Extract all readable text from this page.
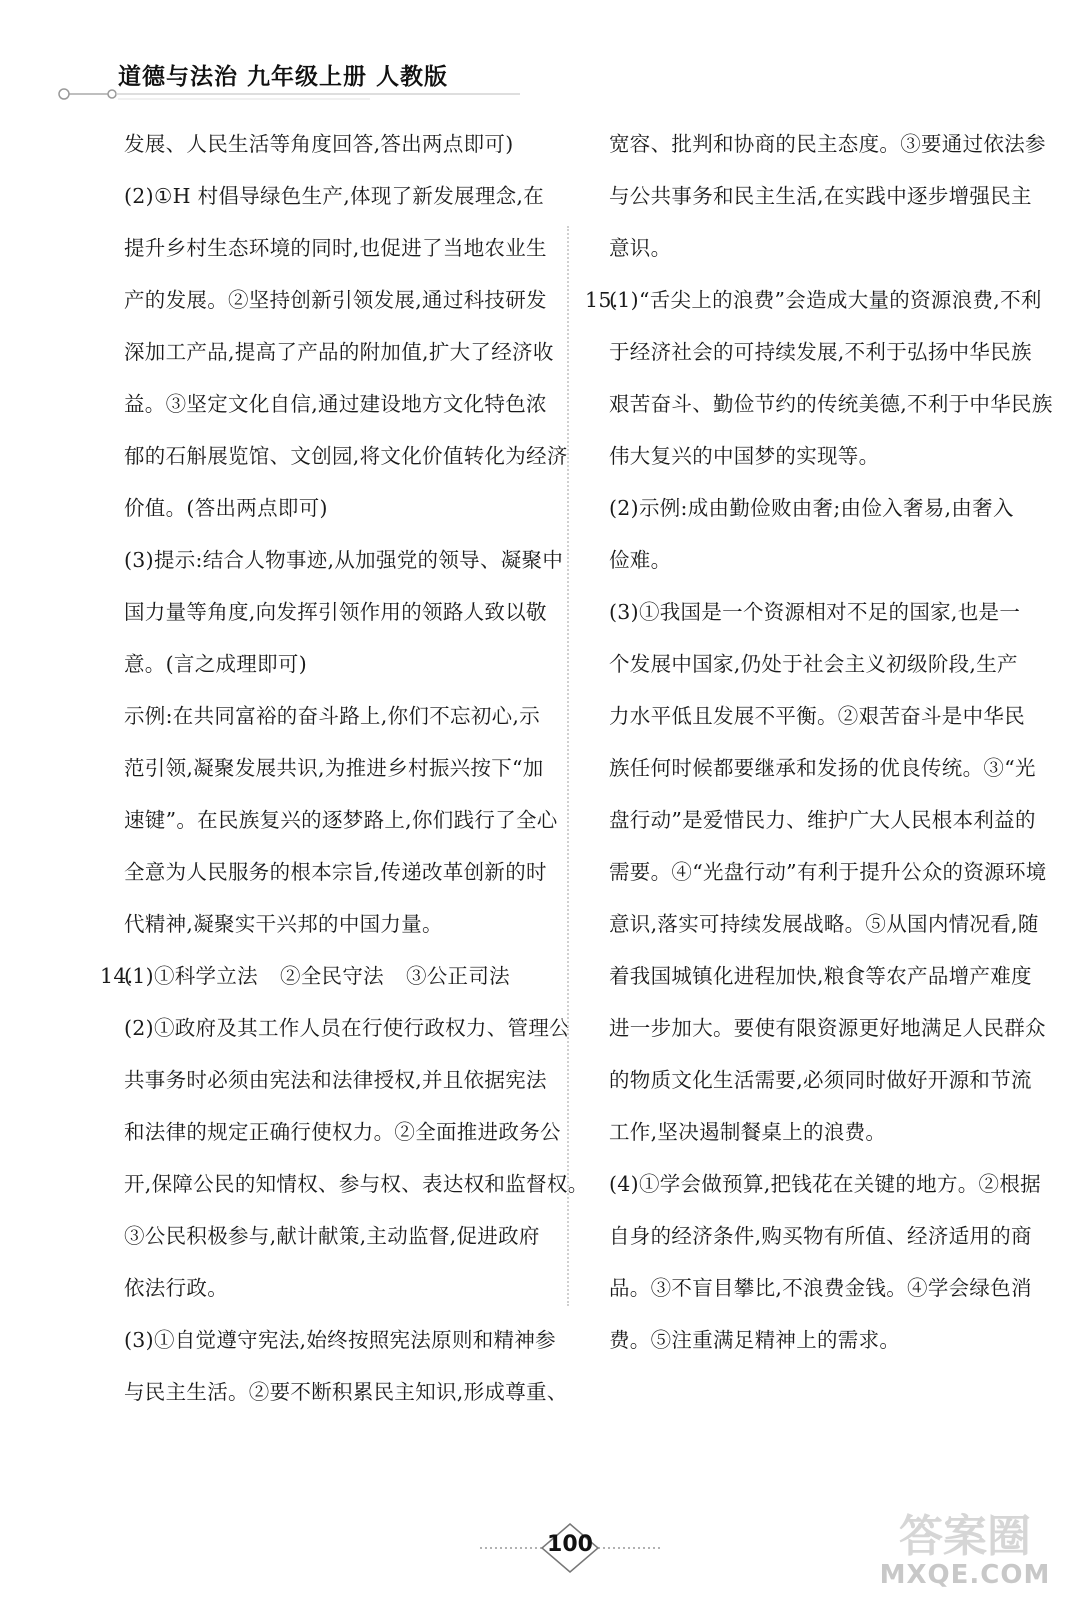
道德与法治 九年级上册 人教版
发展、人民生活等角度回答,答出两点即可)
(2)①H 村倡导绿色生产,体现了新发展理念,在
提升乡村生态环境的同时,也促进了当地农业生
产的发展。②坚持创新引领发展,通过科技研发
深加工产品,提高了产品的附加值,扩大了经济收
益。③坚定文化自信,通过建设地方文化特色浓
郁的石斛展览馆、文创园,将文化价值转化为经济
价值。(答出两点即可)
(3)提示:结合人物事迹,从加强党的领导、凝聚中
国力量等角度,向发挥引领作用的领路人致以敬
意。(言之成理即可)
示例:在共同富裕的奋斗路上,你们不忘初心,示
范引领,凝聚发展共识,为推进乡村振兴按下“加
速键”。在民族复兴的逐梦路上,你们践行了全心
全意为人民服务的根本宗旨,传递改革创新的时
代精神,凝聚实干兴邦的中国力量。
14.(1)①科学立法 ②全民守法 ③公正司法
(2)①政府及其工作人员在行使行政权力、管理公
共事务时必须由宪法和法律授权,并且依据宪法
和法律的规定正确行使权力。②全面推进政务公
开,保障公民的知情权、参与权、表达权和监督权。
③公民积极参与,献计献策,主动监督,促进政府
依法行政。
(3)①自觉遵守宪法,始终按照宪法原则和精神参
与民主生活。②要不断积累民主知识,形成尊重、
宽容、批判和协商的民主态度。③要通过依法参
与公共事务和民主生活,在实践中逐步增强民主
意识。
15.(1)“舌尖上的浪费”会造成大量的资源浪费,不利
于经济社会的可持续发展,不利于弘扬中华民族
艰苦奋斗、勤俭节约的传统美德,不利于中华民族
伟大复兴的中国梦的实现等。
(2)示例:成由勤俭败由奢;由俭入奢易,由奢入
俭难。
(3)①我国是一个资源相对不足的国家,也是一
个发展中国家,仍处于社会主义初级阶段,生产
力水平低且发展不平衡。②艰苦奋斗是中华民
族任何时候都要继承和发扬的优良传统。③“光
盘行动”是爱惜民力、维护广大人民根本利益的
需要。④“光盘行动”有利于提升公众的资源环境
意识,落实可持续发展战略。⑤从国内情况看,随
着我国城镇化进程加快,粮食等农产品增产难度
进一步加大。要使有限资源更好地满足人民群众
的物质文化生活需要,必须同时做好开源和节流
工作,坚决遏制餐桌上的浪费。
(4)①学会做预算,把钱花在关键的地方。②根据
自身的经济条件,购买物有所值、经济适用的商
品。③不盲目攀比,不浪费金钱。④学会绿色消
费。⑤注重满足精神上的需求。
100	答案圈
MXQE.COM
